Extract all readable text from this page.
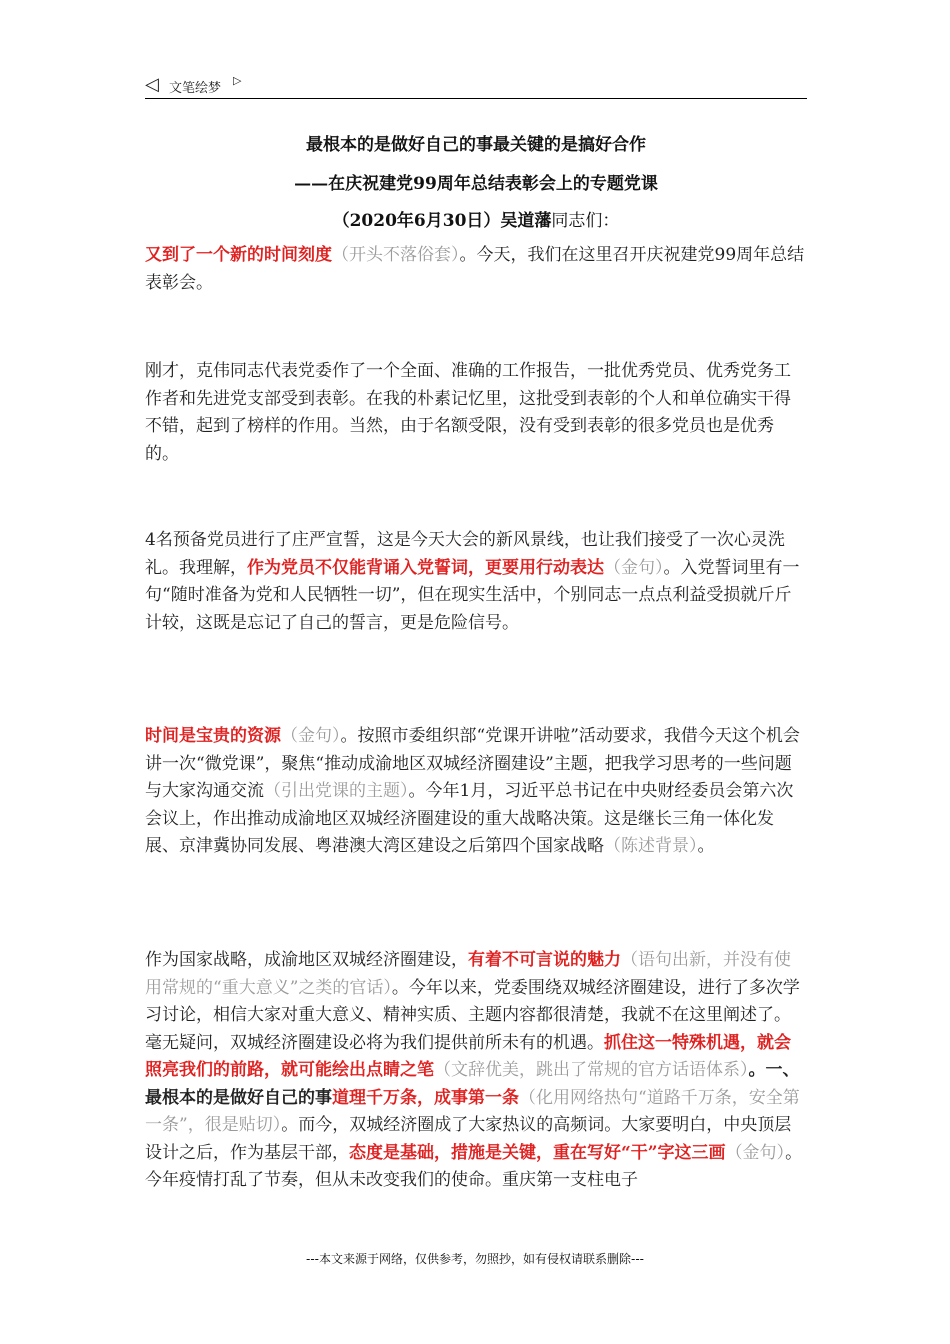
◁ 文笔绘梦
▷
最根本的是做好自己的事最关键的是搞好合作
——在庆祝建党99周年总结表彰会上的专题党课
（2020年6月30日）吴道藩同志们：
又到了一个新的时间刻度（开头不落俗套）。今天，我们在这里召开庆祝建党99周年总结表彰会。
刚才，克伟同志代表党委作了一个全面、准确的工作报告，一批优秀党员、优秀党务工作者和先进党支部受到表彰。在我的朴素记忆里，这批受到表彰的个人和单位确实干得不错，起到了榜样的作用。当然，由于名额受限，没有受到表彰的很多党员也是优秀的。
4名预备党员进行了庄严宣誓，这是今天大会的新风景线，也让我们接受了一次心灵洗礼。我理解，作为党员不仅能背诵入党誓词，更要用行动表达（金句）。入党誓词里有一句“随时准备为党和人民牺牲一切”，但在现实生活中，个别同志一点点利益受损就斤斤计较，这既是忘记了自己的誓言，更是危险信号。
时间是宝贵的资源（金句）。按照市委组织部“党课开讲啦”活动要求，我借今天这个机会讲一次“微党课”，聚焦“推动成渝地区双城经济圈建设”主题，把我学习思考的一些问题与大家沟通交流（引出党课的主题）。今年1月，习近平总书记在中央财经委员会第六次会议上，作出推动成渝地区双城经济圈建设的重大战略决策。这是继长三角一体化发展、京津冀协同发展、粤港澳大湾区建设之后第四个国家战略（陈述背景）。
作为国家战略，成渝地区双城经济圈建设，有着不可言说的魅力（语句出新，并没有使用常规的“重大意义”之类的官话）。今年以来，党委围绕双城经济圈建设，进行了多次学习讨论，相信大家对重大意义、精神实质、主题内容都很清楚，我就不在这里阐述了。毫无疑问，双城经济圈建设必将为我们提供前所未有的机遇。抓住这一特殊机遇，就会照亮我们的前路，就可能绘出点睛之笔（文辞优美，跳出了常规的官方话语体系）。一、最根本的是做好自己的事道理千万条，成事第一条（化用网络热句“道路千万条，安全第一条”，很是贴切）。而今，双城经济圈成了大家热议的高频词。大家要明白，中央顶层设计之后，作为基层干部，态度是基础，措施是关键，重在写好“干”字这三画（金句）。今年疫情打乱了节奏，但从未改变我们的使命。重庆第一支柱电子
---本文来源于网络，仅供参考，勿照抄，如有侵权请联系删除---
